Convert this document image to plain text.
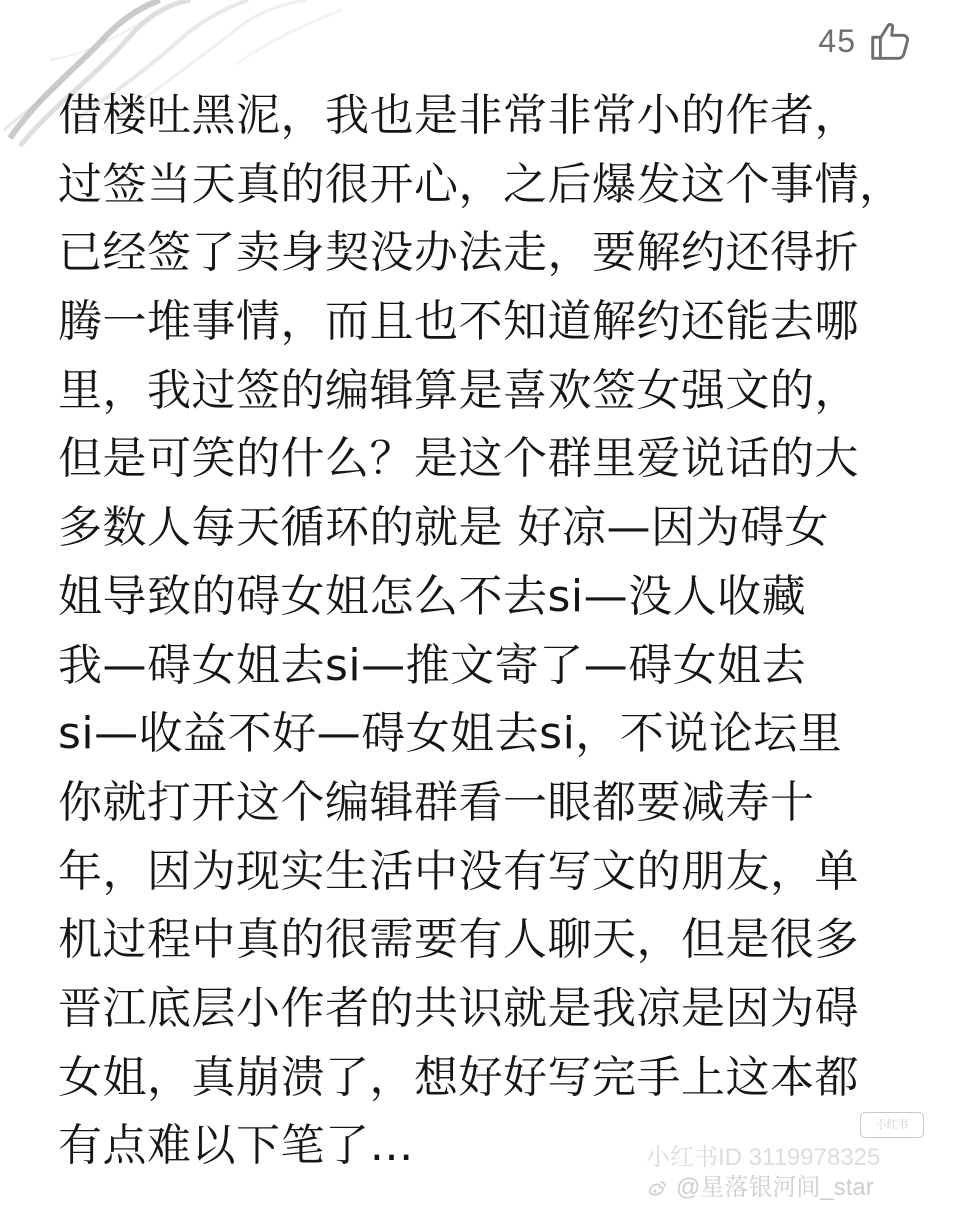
45
借楼吐黑泥，我也是非常非常小的作者，
过签当天真的很开心，之后爆发这个事情，
已经签了卖身契没办法走，要解约还得折
腾一堆事情，而且也不知道解约还能去哪
里，我过签的编辑算是喜欢签女强文的，
但是可笑的什么？是这个群里爱说话的大
多数人每天循环的就是 好凉—因为碍女
姐导致的碍女姐怎么不去si—没人收藏
我—碍女姐去si—推文寄了—碍女姐去
si—收益不好—碍女姐去si，不说论坛里
你就打开这个编辑群看一眼都要减寿十
年，因为现实生活中没有写文的朋友，单
机过程中真的很需要有人聊天，但是很多
晋江底层小作者的共识就是我凉是因为碍
女姐，真崩溃了，想好好写完手上这本都
有点难以下笔了…	小红书
小红书ID 3119978325
@星落银河间_star
